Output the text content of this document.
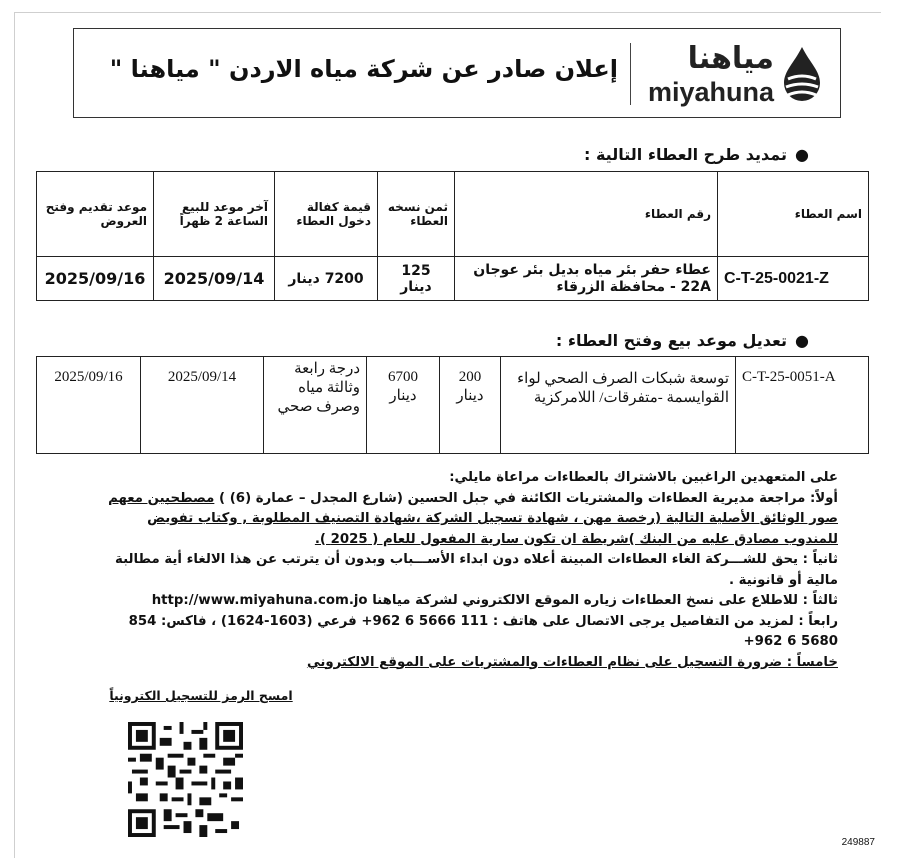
إعلان صادر عن شركة مياه الاردن " مياهنا " مياهنا
miyahuna
●تمديد طرح العطاء التالية :
اسم العطاء	رقم العطاء	ثمن نسخه العطاء	قيمة كفالة دخول العطاء	آخر موعد للبيع الساعة 2 ظهراً	موعد تقديم وفتح العروض
C-T-25-0021-Z	عطاء حفر بئر مياه بديل بئر عوجان 22A - محافظة الزرقاء	125 دينار	7200 دينار	2025/09/14	2025/09/16
●تعديل موعد بيع وفتح العطاء :
C-T-25-0051-A	توسعة شبكات الصرف الصحي لواء القوايسمة -متفرقات/ اللامركزية	200 دينار	6700 دينار	درجة رابعة وثالثة مياه وصرف صحي	2025/09/14	2025/09/16

على المتعهدين الراغبين بالاشتراك بالعطاءات مراعاة مايلي:

أولاً: مراجعة مديرية العطاءات والمشتريات الكائنة في جبل الحسين (شارع المجدل – عمارة (6) ) مصطحبين معهم صور الوثائق الأصلية التالية (رخصة مهن ، شهادة تسجيل الشركة ،شهادة التصنيف المطلوبة , وكتاب تفويض للمندوب مصادق عليه من البنك )شريطة ان تكون سارية المفعول للعام ( 2025 ).

ثانياً : يحق للشـــركة الغاء العطاءات المبينة أعلاه دون ابداء الأســـباب وبدون أن يترتب عن هذا الالغاء أية مطالبة مالية أو قانونية .

ثالثاً : للاطلاع على نسخ العطاءات زياره الموقع الالكتروني لشركة مياهنا http://www.miyahuna.com.jo

رابعاً : لمزيد من التفاصيل يرجى الاتصال على هاتف : 111 5666 6 962+ فرعي (1603-1624) ، فاكس: 854 5680 6 962+

خامساً : ضرورة التسجيل على نظام العطاءات والمشتريات على الموقع الالكتروني

امسح الرمز للتسجيل الكترونياً
249887
